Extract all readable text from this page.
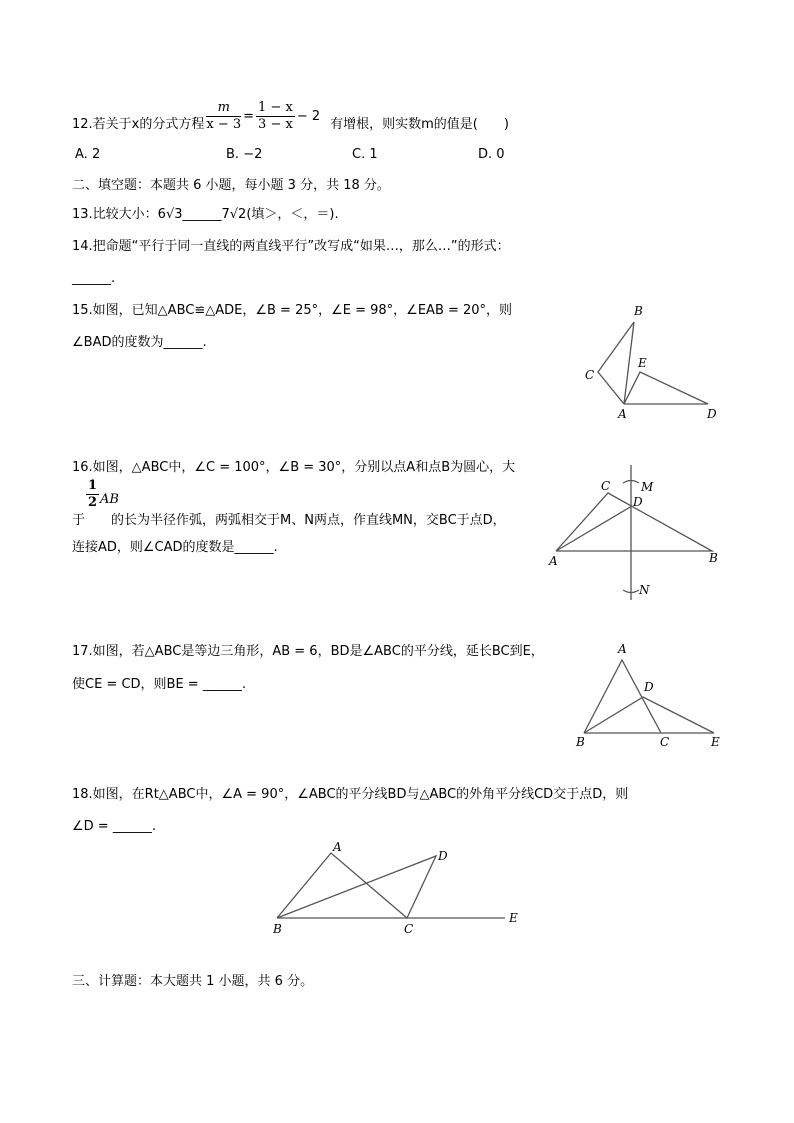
12.若关于x的分式方程 $\frac{m}{x - 3} = \frac{1 - x}{3 - x} - 2$
有增根，则实数m的值是(　　)
A. 2	B. −2	C. 1	D. 0
二、填空题：本题共 6 小题，每小题 3 分，共 18 分。
13.比较大小：6√3______7√2(填＞，＜，＝).
14.把命题“平行于同一直线的两直线平行”改写成“如果…，那么…”的形式：
______.
15.如图，已知△ABC≌△ADE，∠B = 25°，∠E = 98°，∠EAB = 20°，则
∠BAD的度数为______.
16.如图，△ABC中，∠C = 100°，∠B = 30°，分别以点A和点B为圆心，大
$\frac{1}{2}$ AB
于　　的长为半径作弧，两弧相交于M、N两点，作直线MN，交BC于点D，
连接AD，则∠CAD的度数是______.
17.如图，若△ABC是等边三角形，AB = 6，BD是∠ABC的平分线，延长BC到E，
使CE = CD，则BE = ______.
18.如图，在Rt△ABC中，∠A = 90°，∠ABC的平分线BD与△ABC的外角平分线CD交于点D，则
∠D = ______.
三、计算题：本大题共 1 小题，共 6 分。
B
C
E
A	D
C	M
D
A	B
N
A
D
B	C	E
A
D
B	C
E
